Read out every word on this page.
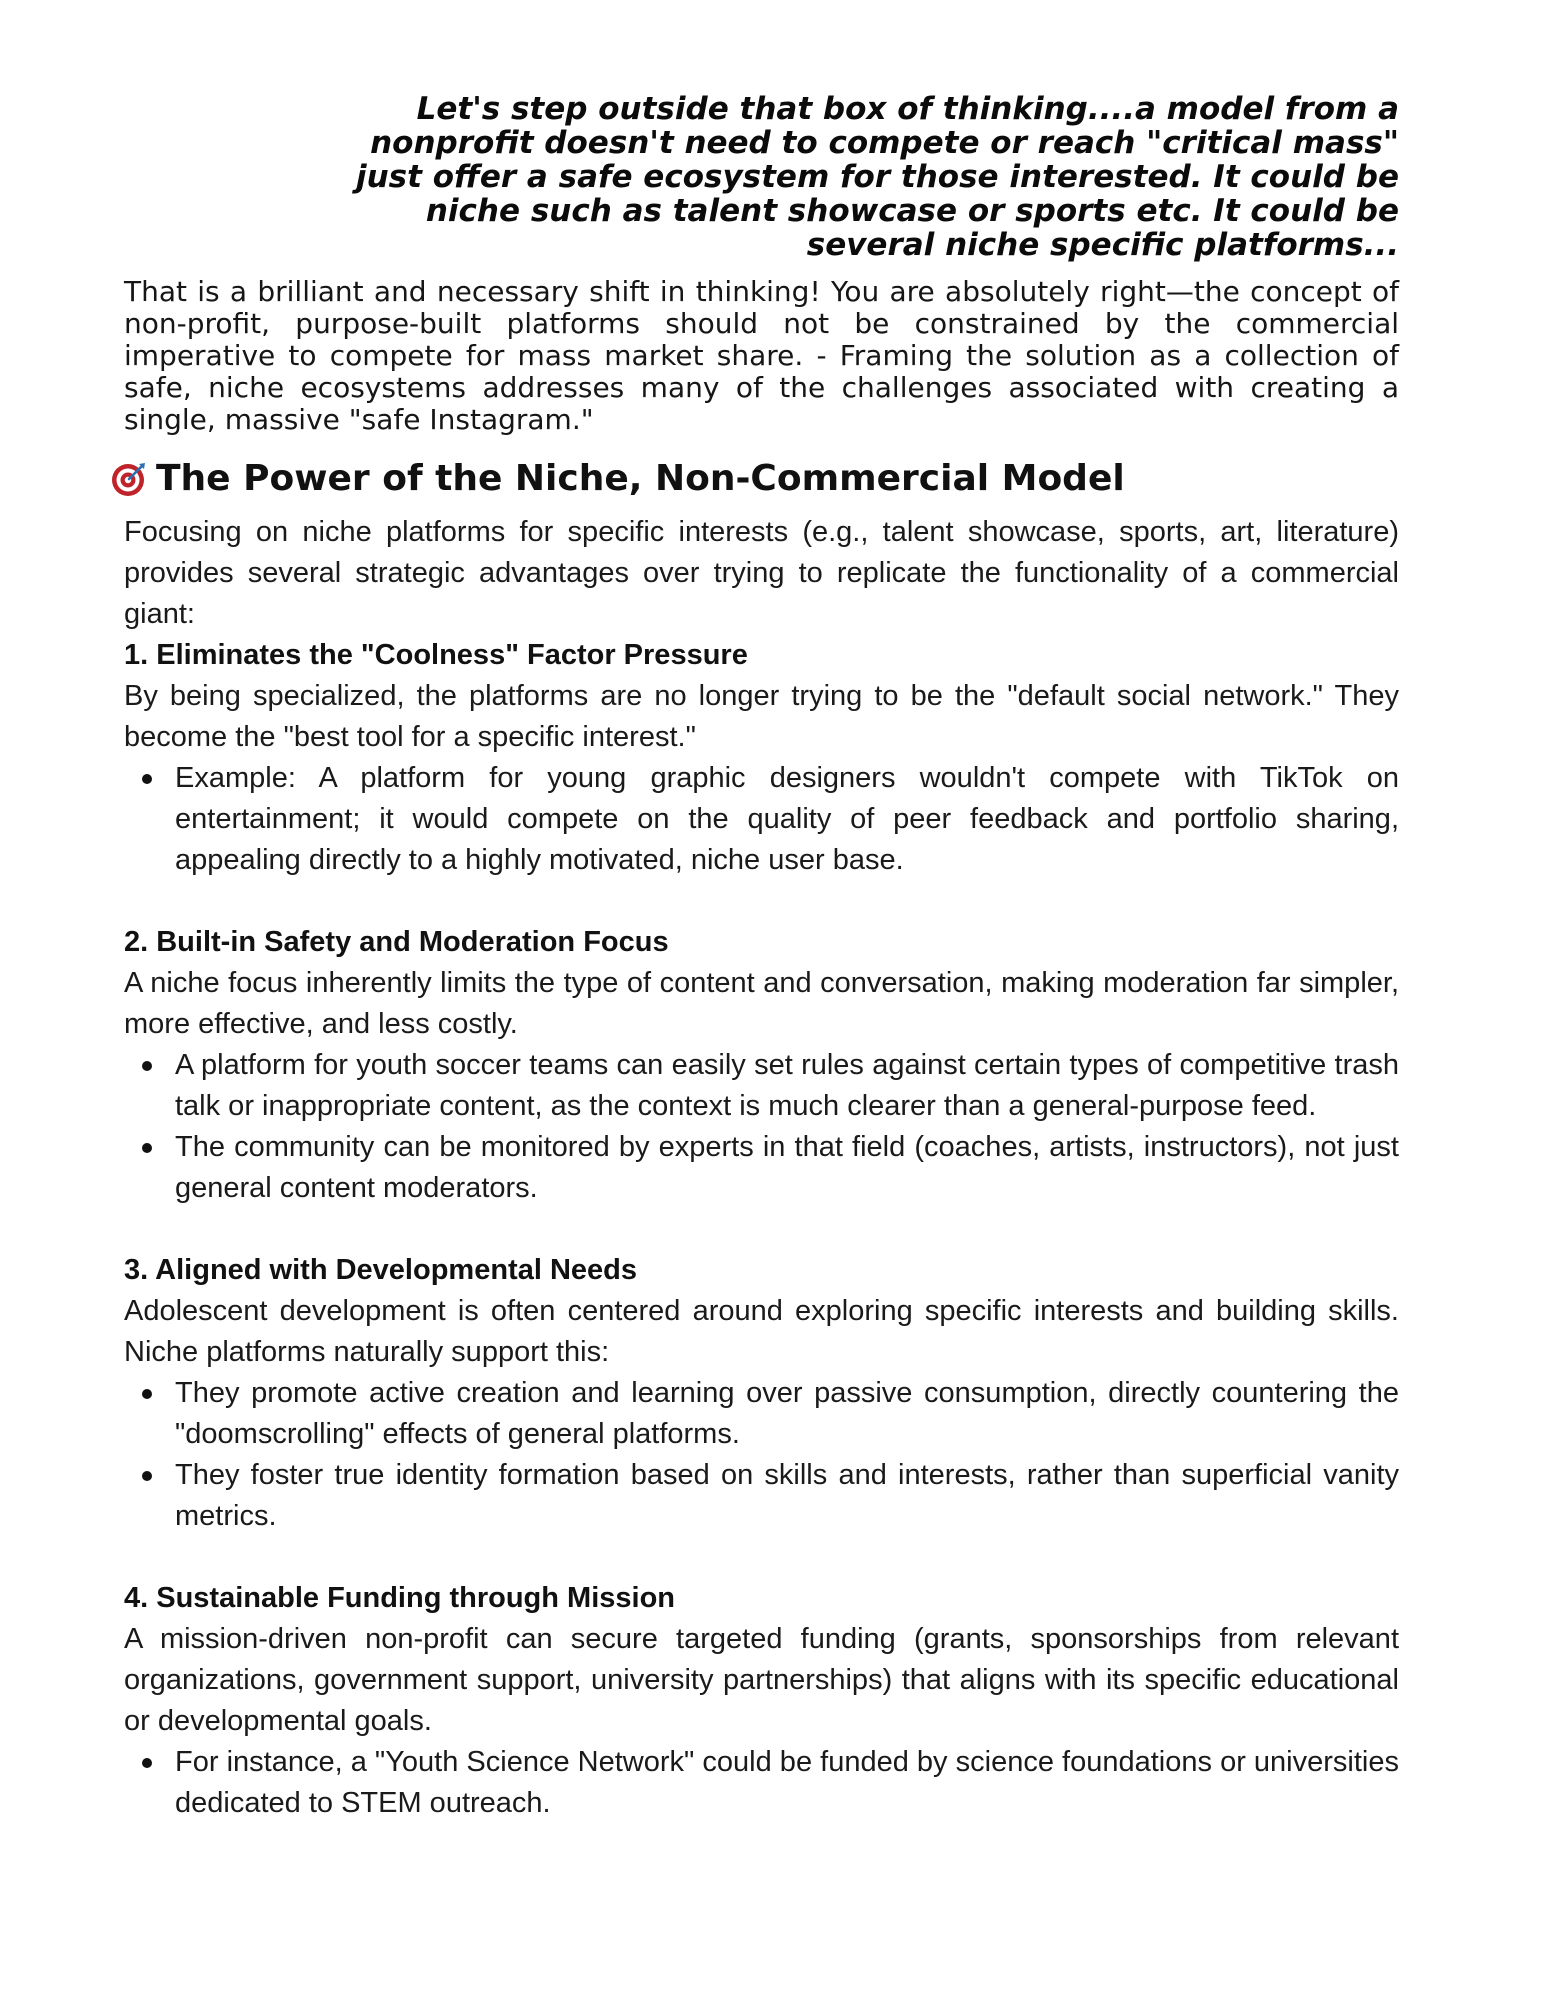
Let's step outside that box of thinking....a model from a nonprofit doesn't need to compete or reach "critical mass" just offer a safe ecosystem for those interested. It could be niche such as talent showcase or sports etc. It could be several niche specific platforms...

That is a brilliant and necessary shift in thinking! You are absolutely right—the concept of non-profit, purpose-built platforms should not be constrained by the commercial imperative to compete for mass market share. - Framing the solution as a collection of safe, niche ecosystems addresses many of the challenges associated with creating a single, massive "safe Instagram."

The Power of the Niche, Non-Commercial Model

Focusing on niche platforms for specific interests (e.g., talent showcase, sports, art, literature) provides several strategic advantages over trying to replicate the functionality of a commercial giant:

1. Eliminates the "Coolness" Factor Pressure

By being specialized, the platforms are no longer trying to be the "default social network." They become the "best tool for a specific interest."

Example: A platform for young graphic designers wouldn't compete with TikTok on entertainment; it would compete on the quality of peer feedback and portfolio sharing, appealing directly to a highly motivated, niche user base.

2. Built-in Safety and Moderation Focus

A niche focus inherently limits the type of content and conversation, making moderation far simpler, more effective, and less costly.

A platform for youth soccer teams can easily set rules against certain types of competitive trash talk or inappropriate content, as the context is much clearer than a general-purpose feed.
The community can be monitored by experts in that field (coaches, artists, instructors), not just general content moderators.

3. Aligned with Developmental Needs

Adolescent development is often centered around exploring specific interests and building skills. Niche platforms naturally support this:

They promote active creation and learning over passive consumption, directly countering the "doomscrolling" effects of general platforms.
They foster true identity formation based on skills and interests, rather than superficial vanity metrics.

4. Sustainable Funding through Mission

A mission-driven non-profit can secure targeted funding (grants, sponsorships from relevant organizations, government support, university partnerships) that aligns with its specific educational or developmental goals.

For instance, a "Youth Science Network" could be funded by science foundations or universities dedicated to STEM outreach.
